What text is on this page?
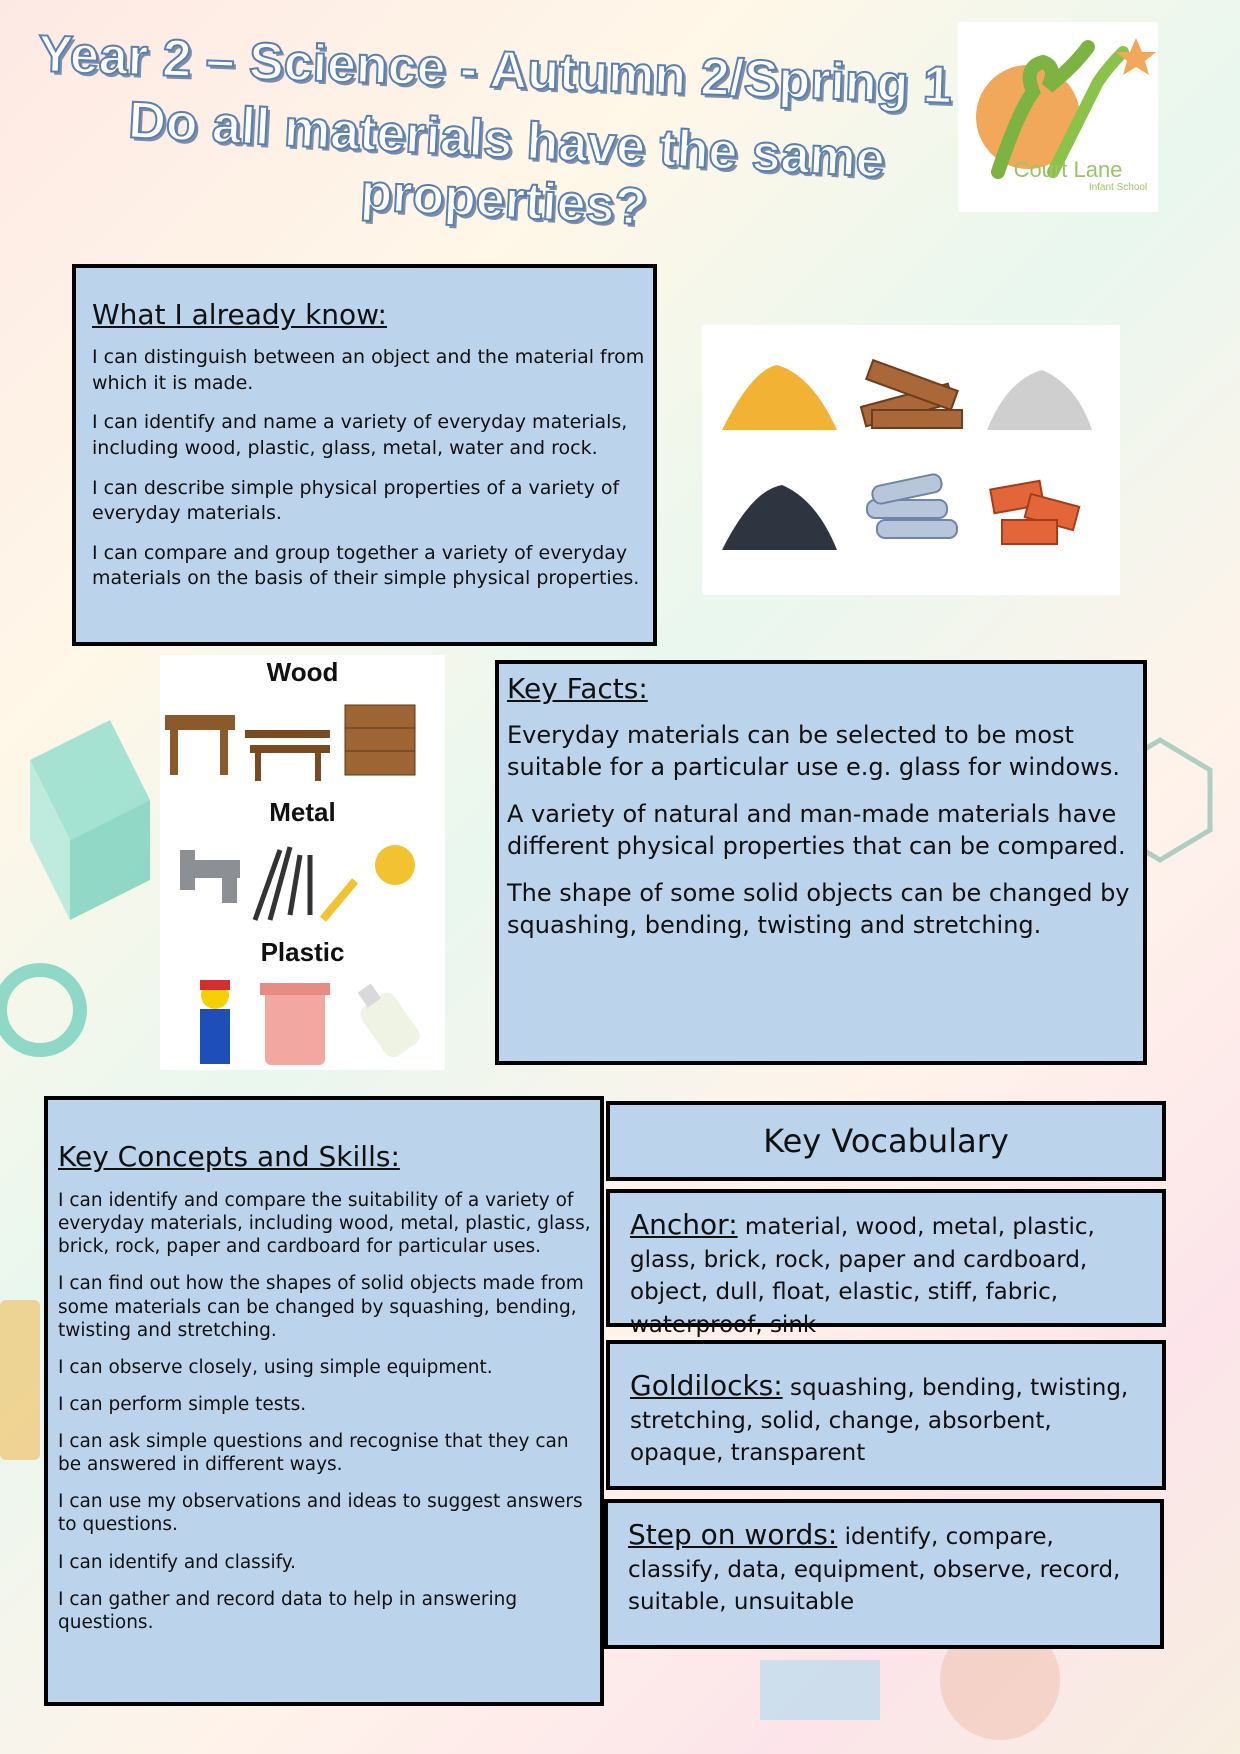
Year 2 – Science - Autumn 2/Spring 1
Do all materials have the same properties?	Court Lane
Infant School
What I already know:

I can distinguish between an object and the material from which it is made.

I can identify and name a variety of everyday materials, including wood, plastic, glass, metal, water and rock.

I can describe simple physical properties of a variety of everyday materials.

I can compare and group together a variety of everyday materials on the basis of their simple physical properties.

Wood
Metal
Plastic
Key Facts:

Everyday materials can be selected to be most suitable for a particular use e.g. glass for windows.

A variety of natural and man-made materials have different physical properties that can be compared.

The shape of some solid objects can be changed by squashing, bending, twisting and stretching.

Key Concepts and Skills:

I can identify and compare the suitability of a variety of everyday materials, including wood, metal, plastic, glass, brick, rock, paper and cardboard for particular uses.

I can find out how the shapes of solid objects made from some materials can be changed by squashing, bending, twisting and stretching.

I can observe closely, using simple equipment.

I can perform simple tests.

I can ask simple questions and recognise that they can be answered in different ways.

I can use my observations and ideas to suggest answers to questions.

I can identify and classify.

I can gather and record data to help in answering questions.

Key Vocabulary
Anchor: material, wood, metal, plastic, glass, brick, rock, paper and cardboard, object, dull, float, elastic, stiff, fabric, waterproof, sink
Goldilocks: squashing, bending, twisting, stretching, solid, change, absorbent, opaque, transparent
Step on words: identify, compare, classify, data, equipment, observe, record, suitable, unsuitable
